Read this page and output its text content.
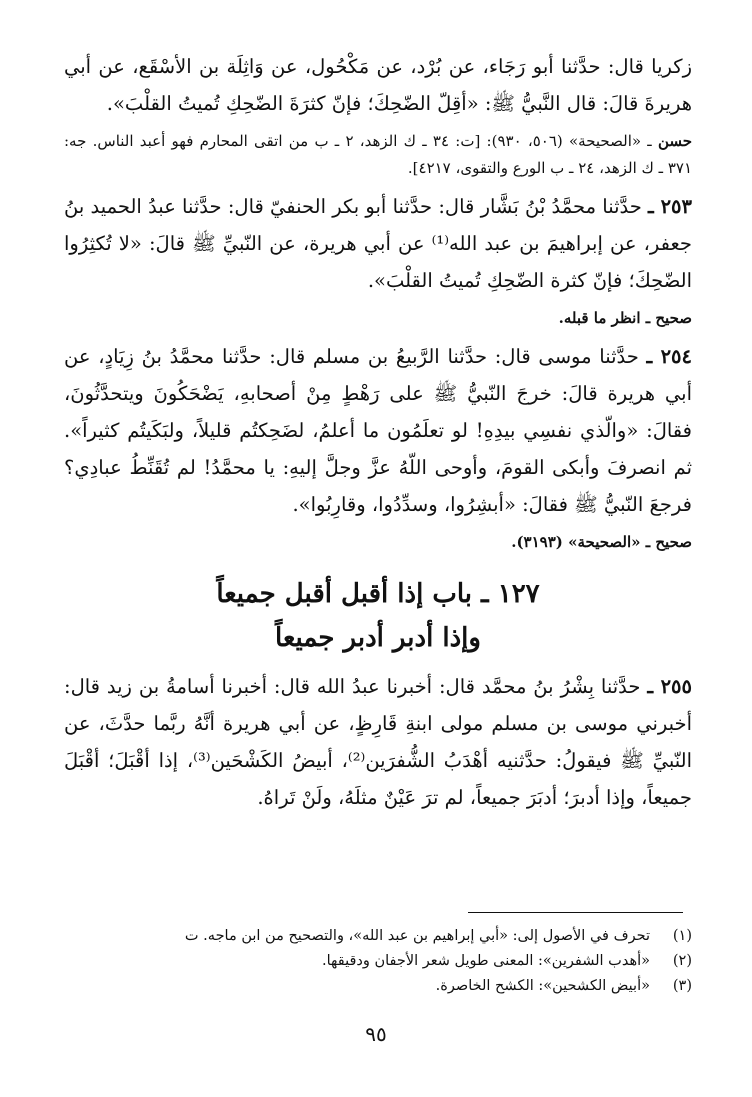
زكريا قال: حدَّثنا أبو رَجَاء، عن بُرْد، عن مَكْحُول، عن وَاثِلَة بن الأسْقَع، عن أبي هريرةَ قالَ: قال النَّبيُّ ﷺ: «أقِلّ الضّحِكَ؛ فإنّ كثرَةَ الضّحِكِ تُميتُ القلْبَ».

حسن ـ «الصحيحة» (٥٠٦، ٩٣٠): [ت: ٣٤ ـ ك الزهد، ٢ ـ ب من اتقى المحارم فهو أعبد الناس. جه: ٣٧١ ـ ك الزهد، ٢٤ ـ ب الورع والتقوى، ٤٢١٧].

٢٥٣ ـ حدَّثنا محمَّدُ بْنُ بَشَّار قال: حدَّثنا أبو بكر الحنفيّ قال: حدَّثنا عبدُ الحميد بنُ جعفر، عن إبراهيمَ بن عبد الله⁽¹⁾ عن أبي هريرة، عن النّبيِّ ﷺ قالَ: «لا تُكثِرُوا الضّحِكَ؛ فإنّ كثرة الضّحِكِ تُميتُ القلْبَ».

صحيح ـ انظر ما قبله.

٢٥٤ ـ حدَّثنا موسى قال: حدَّثنا الرَّبيعُ بن مسلم قال: حدَّثنا محمَّدُ بنُ زِيَادٍ، عن أبي هريرة قالَ: خرجَ النّبيُّ ﷺ على رَهْطٍ مِنْ أصحابهِ، يَضْحَكُونَ ويتحدَّثُونَ، فقالَ: «والّذي نفسِي بيدِهِ! لو تعلَمُون ما أعلمُ، لضَحِكتُم قليلاً، ولبَكَيتُم كثيراً». ثم انصرفَ وأبكى القومَ، وأوحى اللّهُ عزَّ وجلَّ إليهِ: يا محمَّدُ! لم تُقَنِّطُ عبادِي؟ فرجعَ النّبيُّ ﷺ فقالَ: «أبشِرُوا، وسدِّدُوا، وقارِبُوا».

صحيح ـ «الصحيحة» (٣١٩٣).

١٢٧ ـ باب إذا أقبل أقبل جميعاً

وإذا أدبر أدبر جميعاً

٢٥٥ ـ حدَّثنا بِشْرُ بنُ محمَّد قال: أخبرنا عبدُ الله قال: أخبرنا أسامةُ بن زيد قال: أخبرني موسى بن مسلم مولى ابنةِ قَارِظٍ، عن أبي هريرة أنَّهُ ربَّما حدَّثَ، عن النّبيِّ ﷺ فيقولُ: حدَّثنيه أهْدَبُ الشُّفرَين⁽²⁾، أبيضُ الكَشْحَين⁽³⁾، إذا أقْبَلَ؛ أقْبَلَ جميعاً، وإذا أدبرَ؛ أدبَرَ جميعاً، لم ترَ عَيْنٌ مثلَهُ، ولَنْ تَراهُ.

(١)
تحرف في الأصول إلى: «أبي إبراهيم بن عبد الله»، والتصحيح من ابن ماجه. ت

(٢)
«أهدب الشفرين»: المعنى طويل شعر الأجفان ودقيقها.

(٣)
«أبيض الكشحين»: الكشح الخاصرة.

٩٥
